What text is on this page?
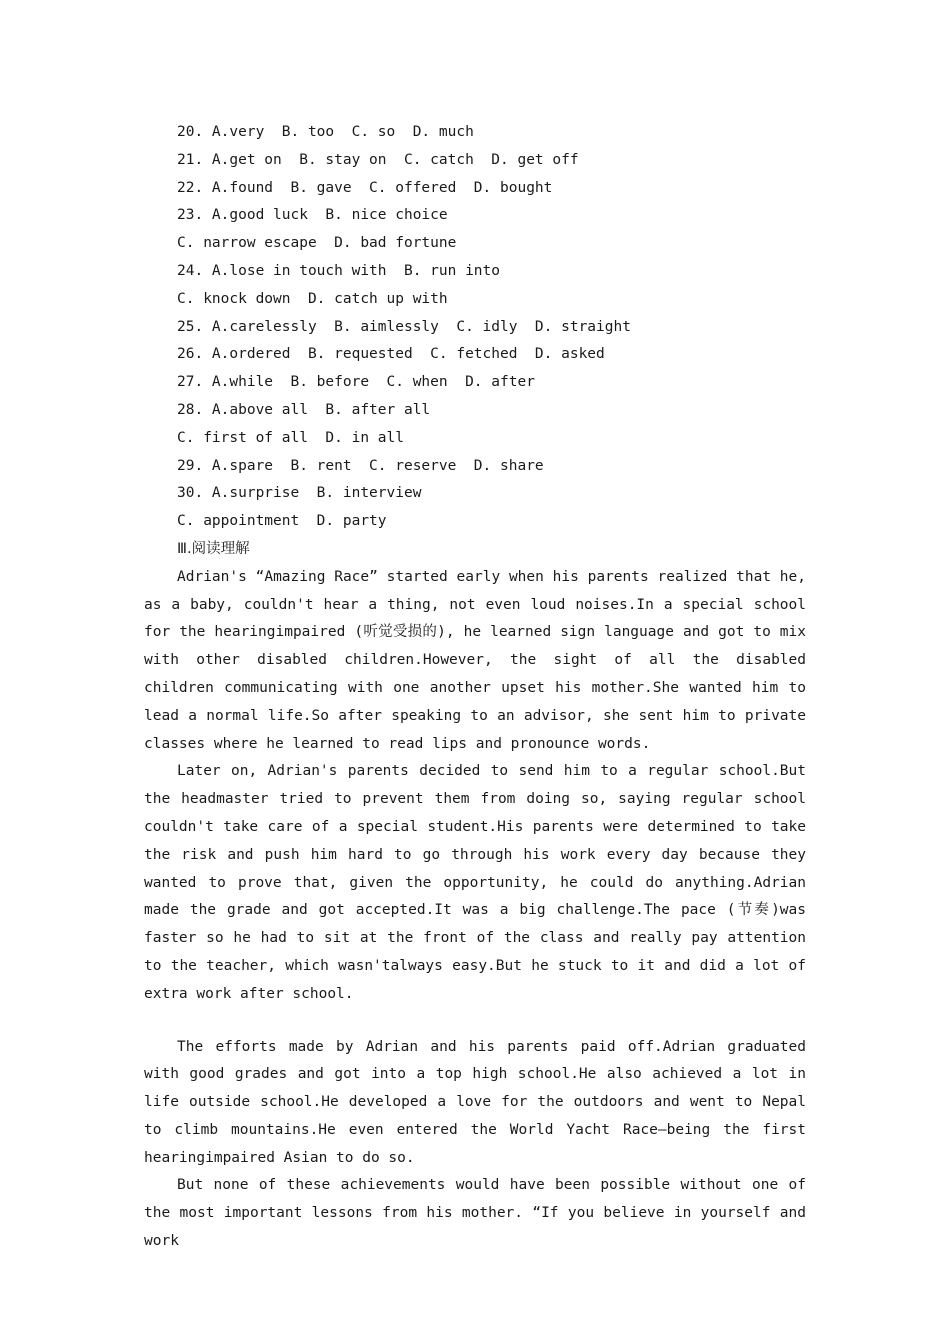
20. A.very  B. too  C. so  D. much
21. A.get on  B. stay on  C. catch  D. get off
22. A.found  B. gave  C. offered  D. bought
23. A.good luck  B. nice choice
C. narrow escape  D. bad fortune
24. A.lose in touch with  B. run into
C. knock down  D. catch up with
25. A.carelessly  B. aimlessly  C. idly  D. straight
26. A.ordered  B. requested  C. fetched  D. asked
27. A.while  B. before  C. when  D. after
28. A.above all  B. after all
C. first of all  D. in all
29. A.spare  B. rent  C. reserve  D. share
30. A.surprise  B. interview
C. appointment  D. party
Ⅲ.阅读理解

Adrian's “Amazing Race” started early when his parents realized that he, as a baby, couldn't hear a thing, not even loud noises.In a special school for the hearingimpaired (听觉受损的), he learned sign language and got to mix with other disabled children.However, the sight of all the disabled children communicating with one another upset his mother.She wanted him to lead a normal life.So after speaking to an advisor, she sent him to private classes where he learned to read lips and pronounce words.

Later on, Adrian's parents decided to send him to a regular school.But the headmaster tried to prevent them from doing so, saying regular school couldn't take care of a special student.His parents were determined to take the risk and push him hard to go through his work every day because they wanted to prove that, given the opportunity, he could do anything.Adrian made the grade and got accepted.It was a big challenge.The pace (节奏)was faster so he had to sit at the front of the class and really pay attention to the teacher, which wasn'talways easy.But he stuck to it and did a lot of extra work after school.

The efforts made by Adrian and his parents paid off.Adrian graduated with good grades and got into a top high school.He also achieved a lot in life outside school.He developed a love for the outdoors and went to Nepal to climb mountains.He even entered the World Yacht Race—being the first hearingimpaired Asian to do so.

But none of these achievements would have been possible without one of the most important lessons from his mother. “If you believe in yourself and work
